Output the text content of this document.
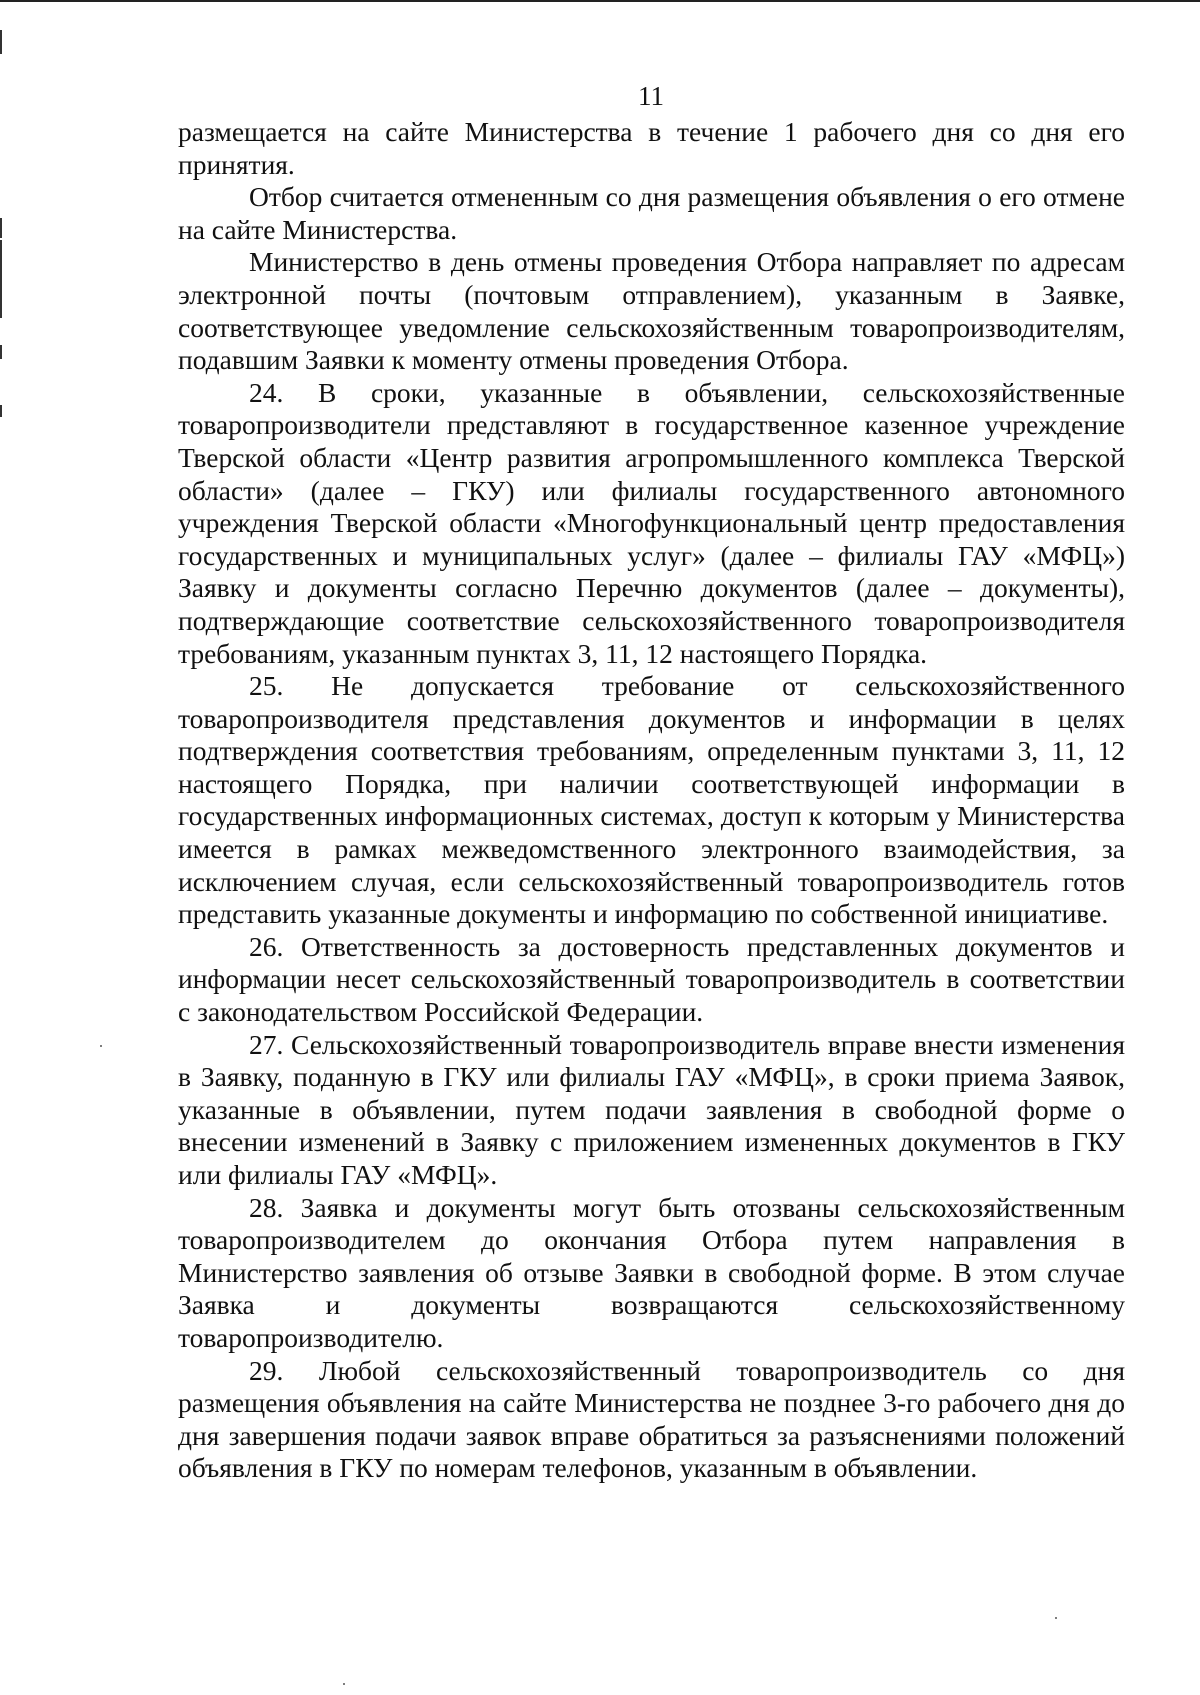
11

размещается на сайте Министерства в течение 1 рабочего дня со дня его принятия.

Отбор считается отмененным со дня размещения объявления о его отмене на сайте Министерства.

Министерство в день отмены проведения Отбора направляет по адресам электронной почты (почтовым отправлением), указанным в Заявке, соответствующее уведомление сельскохозяйственным товаропроизводителям, подавшим Заявки к моменту отмены проведения Отбора.

24. В сроки, указанные в объявлении, сельскохозяйственные товаропроизводители представляют в государственное казенное учреждение Тверской области «Центр развития агропромышленного комплекса Тверской области» (далее – ГКУ) или филиалы государственного автономного учреждения Тверской области «Многофункциональный центр предоставления государственных и муниципальных услуг» (далее – филиалы ГАУ «МФЦ») Заявку и документы согласно Перечню документов (далее – документы), подтверждающие соответствие сельскохозяйственного товаропроизводителя требованиям, указанным пунктах 3, 11, 12 настоящего Порядка.

25. Не допускается требование от сельскохозяйственного товаропроизводителя представления документов и информации в целях подтверждения соответствия требованиям, определенным пунктами 3, 11, 12 настоящего Порядка, при наличии соответствующей информации в государственных информационных системах, доступ к которым у Министерства имеется в рамках межведомственного электронного взаимодействия, за исключением случая, если сельскохозяйственный товаропроизводитель готов представить указанные документы и информацию по собственной инициативе.

26. Ответственность за достоверность представленных документов и информации несет сельскохозяйственный товаропроизводитель в соответствии с законодательством Российской Федерации.

27. Сельскохозяйственный товаропроизводитель вправе внести изменения в Заявку, поданную в ГКУ или филиалы ГАУ «МФЦ», в сроки приема Заявок, указанные в объявлении, путем подачи заявления в свободной форме о внесении изменений в Заявку с приложением измененных документов в ГКУ или филиалы ГАУ «МФЦ».

28. Заявка и документы могут быть отозваны сельскохозяйственным товаропроизводителем до окончания Отбора путем направления в Министерство заявления об отзыве Заявки в свободной форме. В этом случае Заявка и документы возвращаются сельскохозяйственному товаропроизводителю.

29. Любой сельскохозяйственный товаропроизводитель со дня размещения объявления на сайте Министерства не позднее 3-го рабочего дня до дня завершения подачи заявок вправе обратиться за разъяснениями положений объявления в ГКУ по номерам телефонов, указанным в объявлении.
